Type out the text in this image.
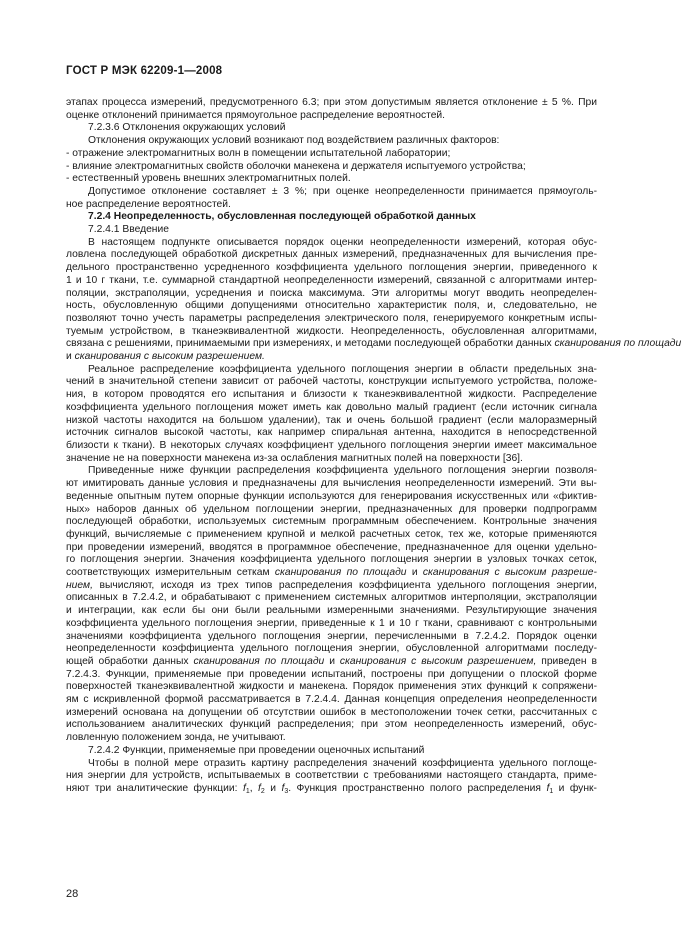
ГОСТ Р МЭК 62209-1—2008
этапах процесса измерений, предусмотренного 6.3; при этом допустимым является отклонение ± 5 %. При
оценке отклонений принимается прямоугольное распределение вероятностей.
7.2.3.6 Отклонения окружающих условий
Отклонения окружающих условий возникают под воздействием различных факторов:
- отражение электромагнитных волн в помещении испытательной лаборатории;
- влияние электромагнитных свойств оболочки манекена и держателя испытуемого устройства;
- естественный уровень внешних электромагнитных полей.
Допустимое отклонение составляет ± 3 %; при оценке неопределенности принимается прямоуголь-
ное распределение вероятностей.
7.2.4 Неопределенность, обусловленная последующей обработкой данных
7.2.4.1 Введение
В настоящем подпункте описывается порядок оценки неопределенности измерений, которая обус-
ловлена последующей обработкой дискретных данных измерений, предназначенных для вычисления пре-
дельного пространственно усредненного коэффициента удельного поглощения энергии, приведенного к
1 и 10 г ткани, т.е. суммарной стандартной неопределенности измерений, связанной с алгоритмами интер-
поляции, экстраполяции, усреднения и поиска максимума. Эти алгоритмы могут вводить неопределен-
ность, обусловленную общими допущениями относительно характеристик поля, и, следовательно, не
позволяют точно учесть параметры распределения электрического поля, генерируемого конкретным испы-
туемым устройством, в тканеэквивалентной жидкости. Неопределенность, обусловленная алгоритмами,
связана с решениями, принимаемыми при измерениях, и методами последующей обработки данных сканирования по площади
и сканирования с высоким разрешением.
Реальное распределение коэффициента удельного поглощения энергии в области предельных зна-
чений в значительной степени зависит от рабочей частоты, конструкции испытуемого устройства, положе-
ния, в котором проводятся его испытания и близости к тканеэквивалентной жидкости. Распределение
коэффициента удельного поглощения может иметь как довольно малый градиент (если источник сигнала
низкой частоты находится на большом удалении), так и очень большой градиент (если малоразмерный
источник сигналов высокой частоты, как например спиральная антенна, находится в непосредственной
близости к ткани). В некоторых случаях коэффициент удельного поглощения энергии имеет максимальное
значение не на поверхности манекена из-за ослабления магнитных полей на поверхности [36].
Приведенные ниже функции распределения коэффициента удельного поглощения энергии позволя-
ют имитировать данные условия и предназначены для вычисления неопределенности измерений. Эти вы-
веденные опытным путем опорные функции используются для генерирования искусственных или «фиктив-
ных» наборов данных об удельном поглощении энергии, предназначенных для проверки подпрограмм
последующей обработки, используемых системным программным обеспечением. Контрольные значения
функций, вычисляемые с применением крупной и мелкой расчетных сеток, тех же, которые применяются
при проведении измерений, вводятся в программное обеспечение, предназначенное для оценки удельно-
го поглощения энергии. Значения коэффициента удельного поглощения энергии в узловых точках сеток,
соответствующих измерительным сеткам сканирования по площади и сканирования с высоким разреше-
нием, вычисляют, исходя из трех типов распределения коэффициента удельного поглощения энергии,
описанных в 7.2.4.2, и обрабатывают с применением системных алгоритмов интерполяции, экстраполяции
и интеграции, как если бы они были реальными измеренными значениями. Результирующие значения
коэффициента удельного поглощения энергии, приведенные к 1 и 10 г ткани, сравнивают с контрольными
значениями коэффициента удельного поглощения энергии, перечисленными в 7.2.4.2. Порядок оценки
неопределенности коэффициента удельного поглощения энергии, обусловленной алгоритмами последу-
ющей обработки данных сканирования по площади и сканирования с высоким разрешением, приведен в
7.2.4.3. Функции, применяемые при проведении испытаний, построены при допущении о плоской форме
поверхностей тканеэквивалентной жидкости и манекена. Порядок применения этих функций к сопряжени-
ям с искривленной формой рассматривается в 7.2.4.4. Данная концепция определения неопределенности
измерений основана на допущении об отсутствии ошибок в местоположении точек сетки, рассчитанных с
использованием аналитических функций распределения; при этом неопределенность измерений, обус-
ловленную положением зонда, не учитывают.
7.2.4.2 Функции, применяемые при проведении оценочных испытаний
Чтобы в полной мере отразить картину распределения значений коэффициента удельного поглоще-
ния энергии для устройств, испытываемых в соответствии с требованиями настоящего стандарта, приме-
няют три аналитические функции: $f_1$, $f_2$ и $f_3$. Функция пространственно полого распределения $f_1$ и функ-
28
